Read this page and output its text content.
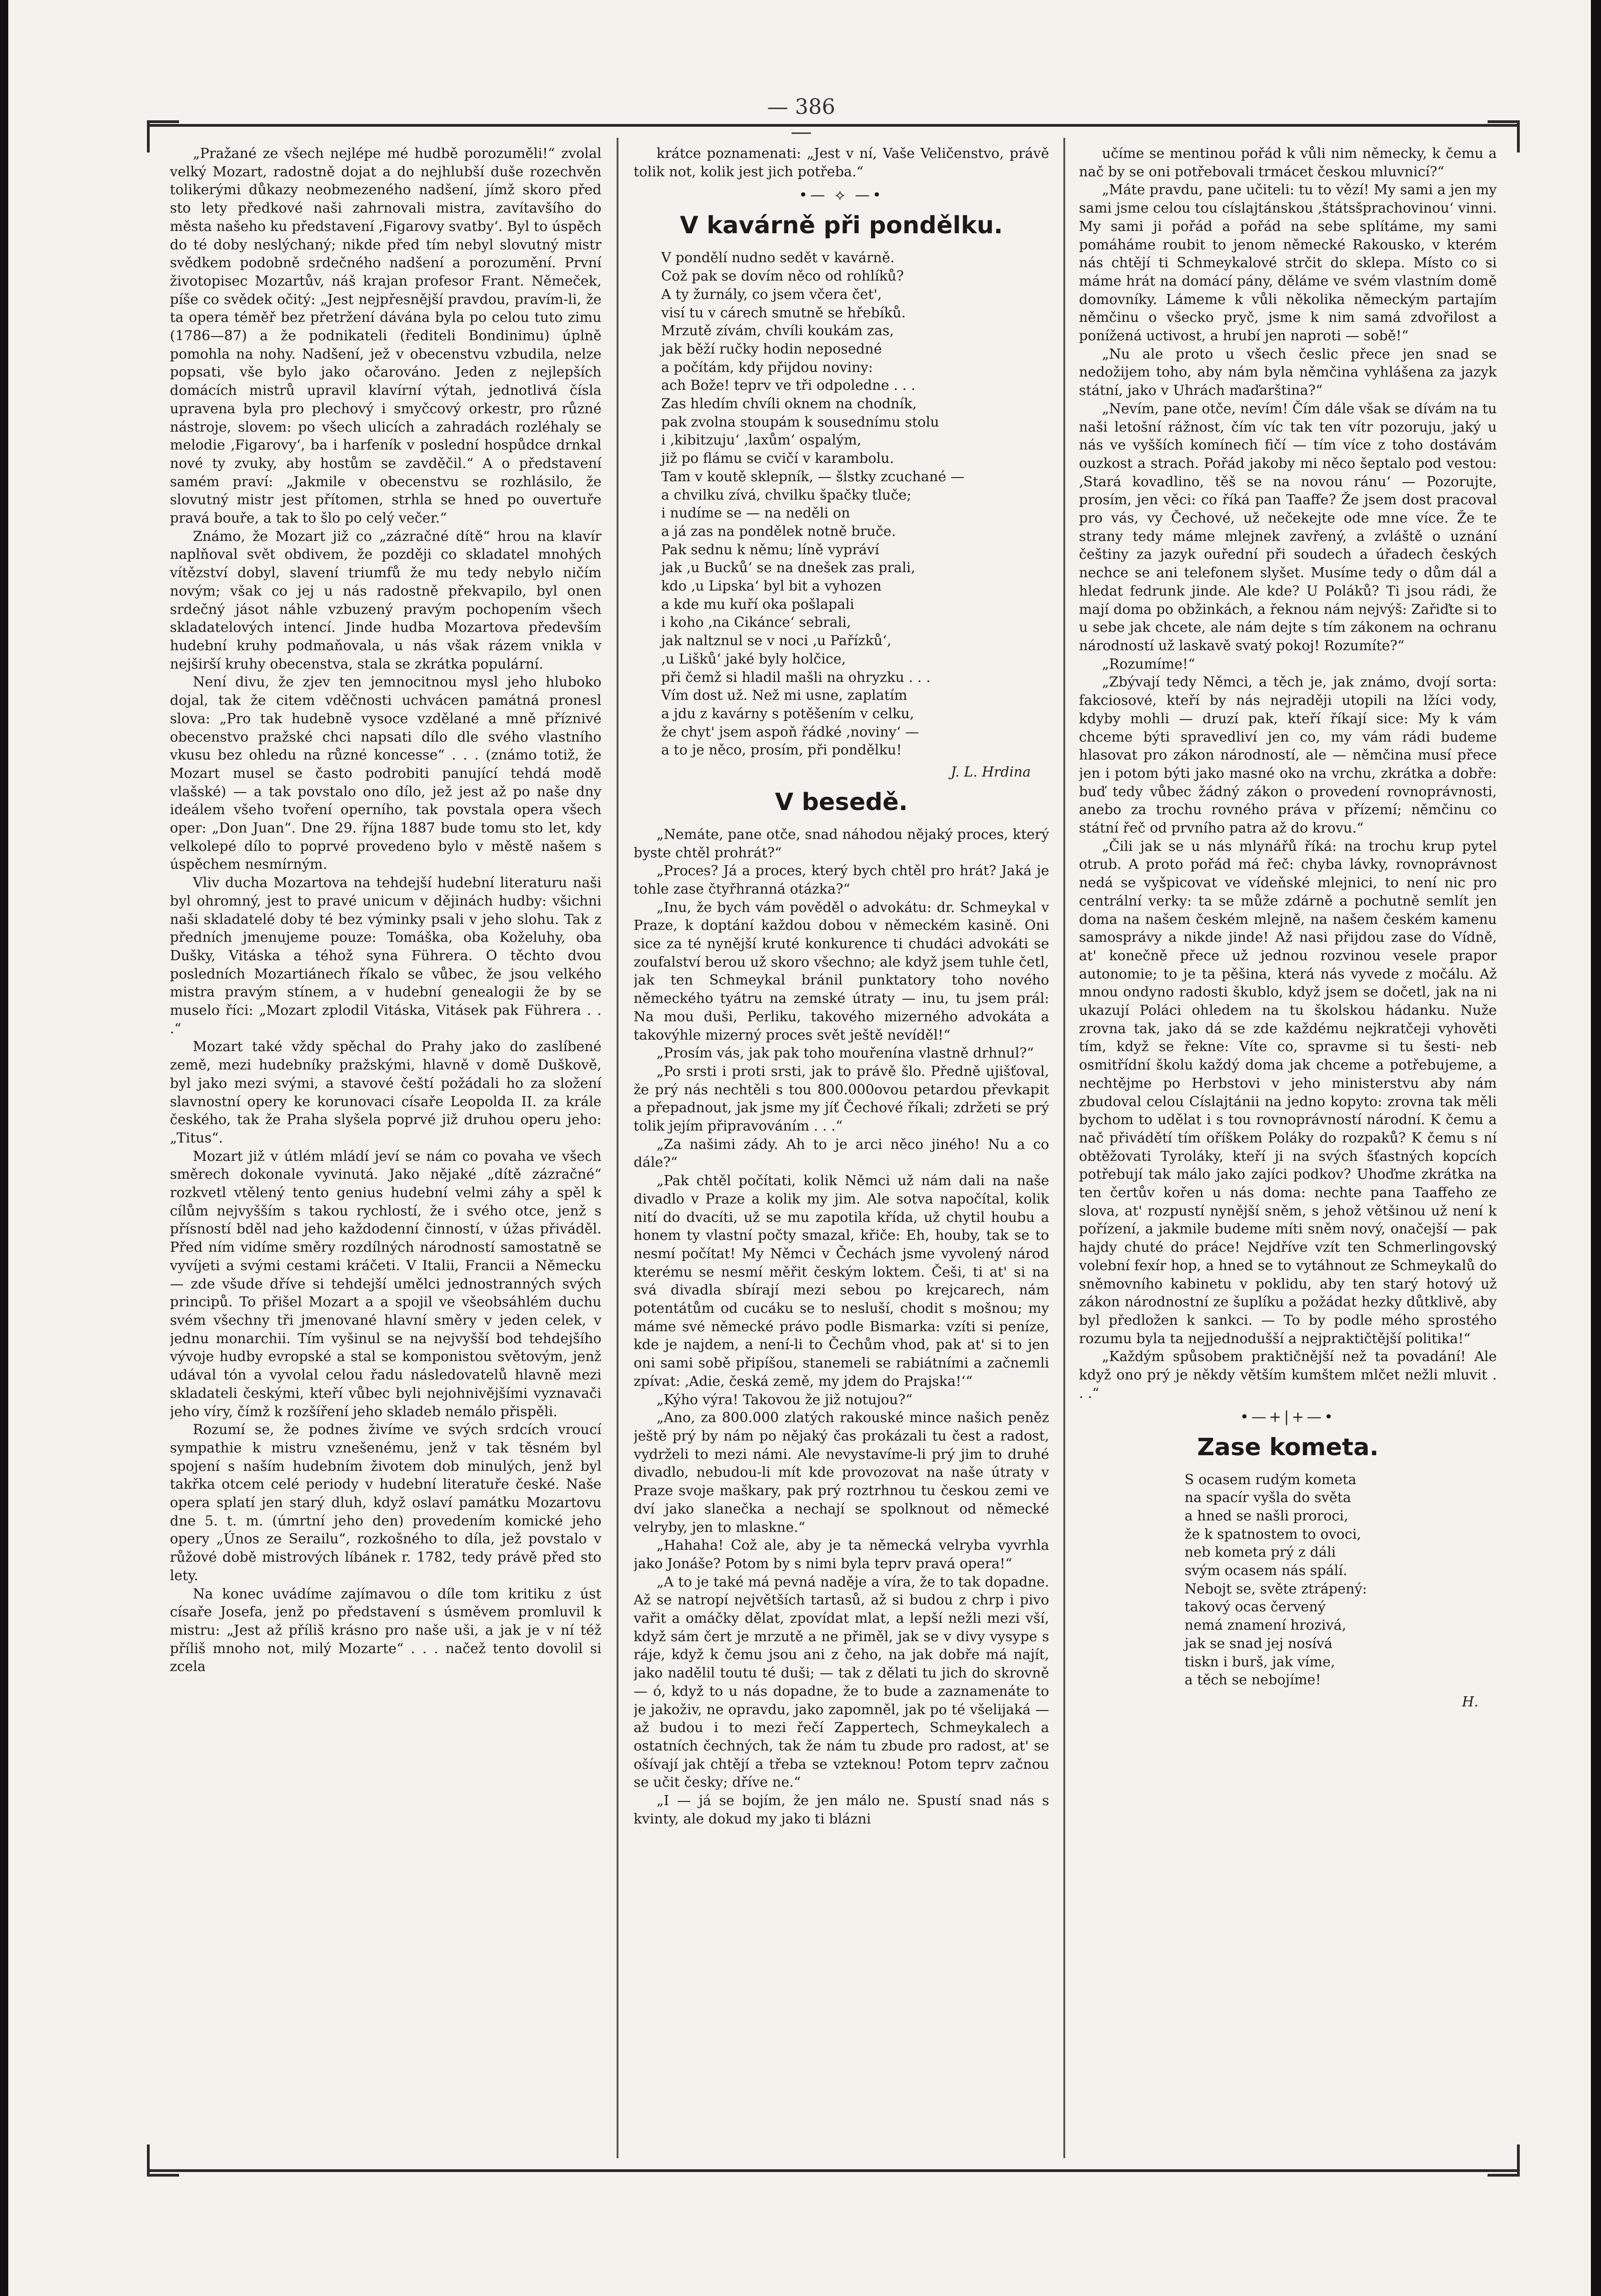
— 386 —

„Pražané ze všech nejlépe mé hudbě porozuměli!“ zvolal velký Mozart, radostně dojat a do nejhlubší duše rozechvěn tolikerými důkazy neobmezeného nadšení, jímž skoro před sto lety předkové naši zahrnovali mistra, zavítavšího do města našeho ku představení ‚Figarovy svatby‘. Byl to úspěch do té doby neslýchaný; nikde před tím nebyl slovutný mistr svědkem podobně srdečného nadšení a porozumění. První životopisec Mozartův, náš krajan profesor Frant. Němeček, píše co svědek očitý: „Jest nejpřesnější pravdou, pravím-li, že ta opera téměř bez přetržení dávána byla po celou tuto zimu (1786—87) a že podnikateli (řediteli Bondinimu) úplně pomohla na nohy. Nadšení, jež v obecenstvu vzbudila, nelze popsati, vše bylo jako očarováno. Jeden z nejlepších domácích mistrů upravil klavírní výtah, jednotlivá čísla upravena byla pro plechový i smyčcový orkestr, pro různé nástroje, slovem: po všech ulicích a zahradách rozléhaly se melodie ‚Figarovy‘, ba i harfeník v poslední hospůdce drnkal nové ty zvuky, aby hostům se zavděčil.“ A o představení samém praví: „Jakmile v obecenstvu se rozhlásilo, že slovutný mistr jest přítomen, strhla se hned po ouvertuře pravá bouře, a tak to šlo po celý večer.“

Známo, že Mozart již co „zázračné dítě“ hrou na klavír naplňoval svět obdivem, že později co skladatel mnohých vítězství dobyl, slavení triumfů že mu tedy nebylo ničím novým; však co jej u nás radostně překvapilo, byl onen srdečný jásot náhle vzbuzený pravým pochopením všech skladatelových intencí. Jinde hudba Mozartova především hudební kruhy podmaňovala, u nás však rázem vnikla v nejširší kruhy obecenstva, stala se zkrátka populární.

Není divu, že zjev ten jemnocitnou mysl jeho hluboko dojal, tak že citem vděčnosti uchvácen památná pronesl slova: „Pro tak hudebně vysoce vzdělané a mně příznivé obecenstvo pražské chci napsati dílo dle svého vlastního vkusu bez ohledu na různé koncesse“ . . . (známo totiž, že Mozart musel se často podrobiti panující tehdá modě vlašské) — a tak povstalo ono dílo, jež jest až po naše dny ideálem všeho tvoření operního, tak povstala opera všech oper: „Don Juan“. Dne 29. října 1887 bude tomu sto let, kdy velkolepé dílo to poprvé provedeno bylo v městě našem s úspěchem nesmírným.

Vliv ducha Mozartova na tehdejší hudební literaturu naši byl ohromný, jest to pravé unicum v dějinách hudby: všichni naši skladatelé doby té bez výminky psali v jeho slohu. Tak z předních jmenujeme pouze: Tomáška, oba Koželuhy, oba Dušky, Vitáska a téhož syna Führera. O těchto dvou posledních Mozartiánech říkalo se vůbec, že jsou velkého mistra pravým stínem, a v hudební genealogii že by se muselo říci: „Mozart zplodil Vitáska, Vitásek pak Führera . . .“

Mozart také vždy spěchal do Prahy jako do zaslíbené země, mezi hudebníky pražskými, hlavně v domě Duškově, byl jako mezi svými, a stavové čeští požádali ho za složení slavnostní opery ke korunovaci císaře Leopolda II. za krále českého, tak že Praha slyšela poprvé již druhou operu jeho: „Titus“.

Mozart již v útlém mládí jeví se nám co povaha ve všech směrech dokonale vyvinutá. Jako nějaké „dítě zázračné“ rozkvetl vtělený tento genius hudební velmi záhy a spěl k cílům nejvyšším s takou rychlostí, že i svého otce, jenž s přísností bděl nad jeho každodenní činností, v úžas přiváděl. Před ním vidíme směry rozdílných národností samostatně se vyvíjeti a svými cestami kráčeti. V Italii, Francii a Německu — zde všude dříve si tehdejší umělci jednostranných svých principů. To přišel Mozart a a spojil ve všeobsáhlém duchu svém všechny tři jmenované hlavní směry v jeden celek, v jednu monarchii. Tím vyšinul se na nejvyšší bod tehdejšího vývoje hudby evropské a stal se komponistou světovým, jenž udával tón a vyvolal celou řadu následovatelů hlavně mezi skladateli českými, kteří vůbec byli nejohnivějšími vyznavači jeho víry, čímž k rozšíření jeho skladeb nemálo přispěli.

Rozumí se, že podnes živíme ve svých srdcích vroucí sympathie k mistru vznešenému, jenž v tak těsném byl spojení s naším hudebním životem dob minulých, jenž byl takřka otcem celé periody v hudební literatuře české. Naše opera splatí jen starý dluh, když oslaví památku Mozartovu dne 5. t. m. (úmrtní jeho den) provedením komické jeho opery „Únos ze Serailu“, rozkošného to díla, jež povstalo v růžové době mistrových líbánek r. 1782, tedy právě před sto lety.

Na konec uvádíme zajímavou o díle tom kritiku z úst císaře Josefa, jenž po představení s úsměvem promluvil k mistru: „Jest až příliš krásno pro naše uši, a jak je v ní též příliš mnoho not, milý Mozarte“ . . . načež tento dovolil si zcela

krátce poznamenati: „Jest v ní, Vaše Veličenstvo, právě tolik not, kolik jest jich potřeba.“

•— ⟡ —•
V kavárně při pondělku.
V pondělí nudno sedět v kavárně.
Což pak se dovím něco od rohlíků?
A ty žurnály, co jsem včera čet',
visí tu v cárech smutně se hřebíků.
Mrzutě zívám, chvíli koukám zas,
jak běží ručky hodin neposedné
a počítám, kdy přijdou noviny:
ach Bože! teprv ve tři odpoledne . . .
Zas hledím chvíli oknem na chodník,
pak zvolna stoupám k sousednímu stolu
i ‚kibitzuju‘ ‚laxům‘ ospalým,
již po flámu se cvičí v karambolu.
Tam v koutě sklepník, — šlstky zcuchané —
a chvilku zívá, chvilku špačky tluče;
i nudíme se — na neděli on
a já zas na pondělek notně bruče.
Pak sednu k němu; líně vypráví
jak ‚u Bucků‘ se na dnešek zas prali,
kdo ‚u Lipska‘ byl bit a vyhozen
a kde mu kuří oka pošlapali
i koho ‚na Cikánce‘ sebrali,
jak naltznul se v noci ‚u Pařízků‘,
‚u Lišků‘ jaké byly holčice,
při čemž si hladil mašli na ohryzku . . .
Vím dost už. Než mi usne, zaplatím
a jdu z kavárny s potěšením v celku,
že chyt' jsem aspoň řádké ‚noviny‘ —
a to je něco, prosím, při pondělku!
J. L. Hrdina
V besedě.

„Nemáte, pane otče, snad náhodou nějaký proces, který byste chtěl prohrát?“

„Proces? Já a proces, který bych chtěl pro hrát? Jaká je tohle zase čtyřhranná otázka?“

„Inu, že bych vám pověděl o advokátu: dr. Schmeykal v Praze, k doptání každou dobou v německém kasině. Oni sice za té nynější kruté konkurence ti chudáci advokáti se zoufalství berou už skoro všechno; ale když jsem tuhle četl, jak ten Schmeykal bránil punktatory toho nového německého tyátru na zemské útraty — inu, tu jsem prál: Na mou duši, Perliku, takového mizerného advokáta a takovýhle mizerný proces svět ještě nevíděl!“

„Prosím vás, jak pak toho mouřenína vlastně drhnul?“

„Po srsti i proti srsti, jak to právě šlo. Předně ujišťoval, že prý nás nechtěli s tou 800.000ovou petardou převkapit a přepadnout, jak jsme my jíť Čechové říkali; zdržeti se prý tolik jejím připravováním . . .“

„Za našimi zády. Ah to je arci něco jiného! Nu a co dále?“

„Pak chtěl počítati, kolik Němci už nám dali na naše divadlo v Praze a kolik my jim. Ale sotva napočítal, kolik nití do dvacíti, už se mu zapotila křída, už chytil houbu a honem ty vlastní počty smazal, křiče: Eh, houby, tak se to nesmí počítat! My Němci v Čechách jsme vyvolený národ kterému se nesmí měřit českým loktem. Češi, ti at' si na svá divadla sbírají mezi sebou po krejcarech, nám potentátům od cucáku se to nesluší, chodit s mošnou; my máme své německé právo podle Bismarka: vzíti si peníze, kde je najdem, a není-li to Čechům vhod, pak at' si to jen oni sami sobě připíšou, stanemeli se rabiátními a začnemli zpívat: ‚Adie, česká země, my jdem do Prajska!‘“

„Kýho výra! Takovou že již notujou?“

„Ano, za 800.000 zlatých rakouské mince našich peněz ještě prý by nám po nějaký čas prokázali tu čest a radost, vydrželi to mezi námi. Ale nevystavíme-li prý jim to druhé divadlo, nebudou-li mít kde provozovat na naše útraty v Praze svoje maškary, pak prý roztrhnou tu českou zemi ve dví jako slanečka a nechají se spolknout od německé velryby, jen to mlaskne.“

„Hahaha! Což ale, aby je ta německá velryba vyvrhla jako Jonáše? Potom by s nimi byla teprv pravá opera!“

„A to je také má pevná naděje a víra, že to tak dopadne. Až se natropí největších tartasů, až si budou z chrp i pivo vařit a omáčky dělat, zpovídat mlat, a lepší nežli mezi vší, když sám čert je mrzutě a ne přiměl, jak se v divy vysype s ráje, když k čemu jsou ani z čeho, na jak dobře má najít, jako nadělil toutu té duši; — tak z dělati tu jich do skrovně — ó, když to u nás dopadne, že to bude a zaznamenáte to je jakoživ, ne opravdu, jako zapomněl, jak po té všelijaká — až budou i to mezi řečí Zappertech, Schmeykalech a ostatních čechných, tak že nám tu zbude pro radost, at' se ošívají jak chtějí a třeba se vzteknou! Potom teprv začnou se učit česky; dříve ne.“

„I — já se bojím, že jen málo ne. Spustí snad nás s kvinty, ale dokud my jako ti blázni

učíme se mentinou pořád k vůli nim německy, k čemu a nač by se oni potřebovali trmácet českou mluvnicí?“

„Máte pravdu, pane učiteli: tu to vězí! My sami a jen my sami jsme celou tou císlajtánskou ‚štátsšprachovinou‘ vinni. My sami ji pořád a pořád na sebe splítáme, my sami pomáháme roubit to jenom německé Rakousko, v kterém nás chtějí ti Schmeykalové strčit do sklepa. Místo co si máme hrát na domácí pány, děláme ve svém vlastním domě domovníky. Lámeme k vůli několika německým partajím němčinu o všecko pryč, jsme k nim samá zdvořilost a ponížená uctivost, a hrubí jen naproti — sobě!“

„Nu ale proto u všech česlic přece jen snad se nedožijem toho, aby nám byla němčina vyhlášena za jazyk státní, jako v Uhrách maďarština?“

„Nevím, pane otče, nevím! Čím dále však se dívám na tu naši letošní rážnost, čím víc tak ten vítr pozoruju, jaký u nás ve vyšších komínech fičí — tím více z toho dostávám ouzkost a strach. Pořád jakoby mi něco šeptalo pod vestou: ‚Stará kovadlino, těš se na novou ránu‘ — Pozorujte, prosím, jen věci: co říká pan Taaffe? Že jsem dost pracoval pro vás, vy Čechové, už nečekejte ode mne více. Že te strany tedy máme mlejnek zavřený, a zvláště o uznání češtiny za jazyk ouřední při soudech a úřadech českých nechce se ani telefonem slyšet. Musíme tedy o dům dál a hledat fedrunk jinde. Ale kde? U Poláků? Ti jsou rádi, že mají doma po obžinkách, a řeknou nám nejvýš: Zařiďte si to u sebe jak chcete, ale nám dejte s tím zákonem na ochranu národností už laskavě svatý pokoj! Rozumíte?“

„Rozumíme!“

„Zbývají tedy Němci, a těch je, jak známo, dvojí sorta: fakciosové, kteří by nás nejraději utopili na lžíci vody, kdyby mohli — druzí pak, kteří říkají sice: My k vám chceme býti spravedliví jen co, my vám rádi budeme hlasovat pro zákon národností, ale — němčina musí přece jen i potom býti jako masné oko na vrchu, zkrátka a dobře: buď tedy vůbec žádný zákon o provedení rovnoprávnosti, anebo za trochu rovného práva v přízemí; němčinu co státní řeč od prvního patra až do krovu.“

„Čili jak se u nás mlynářů říká: na trochu krup pytel otrub. A proto pořád má řeč: chyba lávky, rovnoprávnost nedá se vyšpicovat ve vídeňské mlejnici, to není nic pro centrální verky: ta se může zdárně a pochutně semlít jen doma na našem českém mlejně, na našem českém kamenu samosprávy a nikde jinde! Až nasi přijdou zase do Vídně, at' konečně přece už jednou rozvinou vesele prapor autonomie; to je ta pěšina, která nás vyvede z močálu. Až mnou ondyno radosti škublo, když jsem se dočetl, jak na ni ukazují Poláci ohledem na tu školskou hádanku. Nuže zrovna tak, jako dá se zde každému nejkratčeji vyhověti tím, když se řekne: Víte co, spravme si tu šesti- neb osmitřídní školu každý doma jak chceme a potřebujeme, a nechtějme po Herbstovi v jeho ministerstvu aby nám zbudoval celou Císlajtánii na jedno kopyto: zrovna tak měli bychom to udělat i s tou rovnoprávností národní. K čemu a nač přivádětí tím oříškem Poláky do rozpaků? K čemu s ní obtěžovati Tyroláky, kteří ji na svých šťastných kopcích potřebují tak málo jako zajíci podkov? Uhoďme zkrátka na ten čertův kořen u nás doma: nechte pana Taaffeho ze slova, at' rozpustí nynější sněm, s jehož většinou už není k pořízení, a jakmile budeme míti sněm nový, onačejší — pak hajdy chuté do práce! Nejdříve vzít ten Schmerlingovský volební fexír hop, a hned se to vytáhnout ze Schmeykalů do sněmovního kabinetu v poklidu, aby ten starý hotový už zákon národnostní ze šuplíku a požádat hezky důtklivě, aby byl předložen k sankci. — To by podle mého sprostého rozumu byla ta nejjednodušší a nejpraktičtější politika!“

„Každým spůsobem praktičnější než ta povadání! Ale když ono prý je někdy větším kumštem mlčet nežli mluvit . . .“

•—+|+—•
Zase kometa.
S ocasem rudým kometa
na spacír vyšla do světa
a hned se našli proroci,
že k spatnostem to ovoci,
neb kometa prý z dáli
svým ocasem nás spálí.
Nebojt se, světe ztrápený:
takový ocas červený
nemá znamení hrozivá,
jak se snad jej nosívá
tiskn i burš, jak víme,
a těch se nebojíme!
H.
